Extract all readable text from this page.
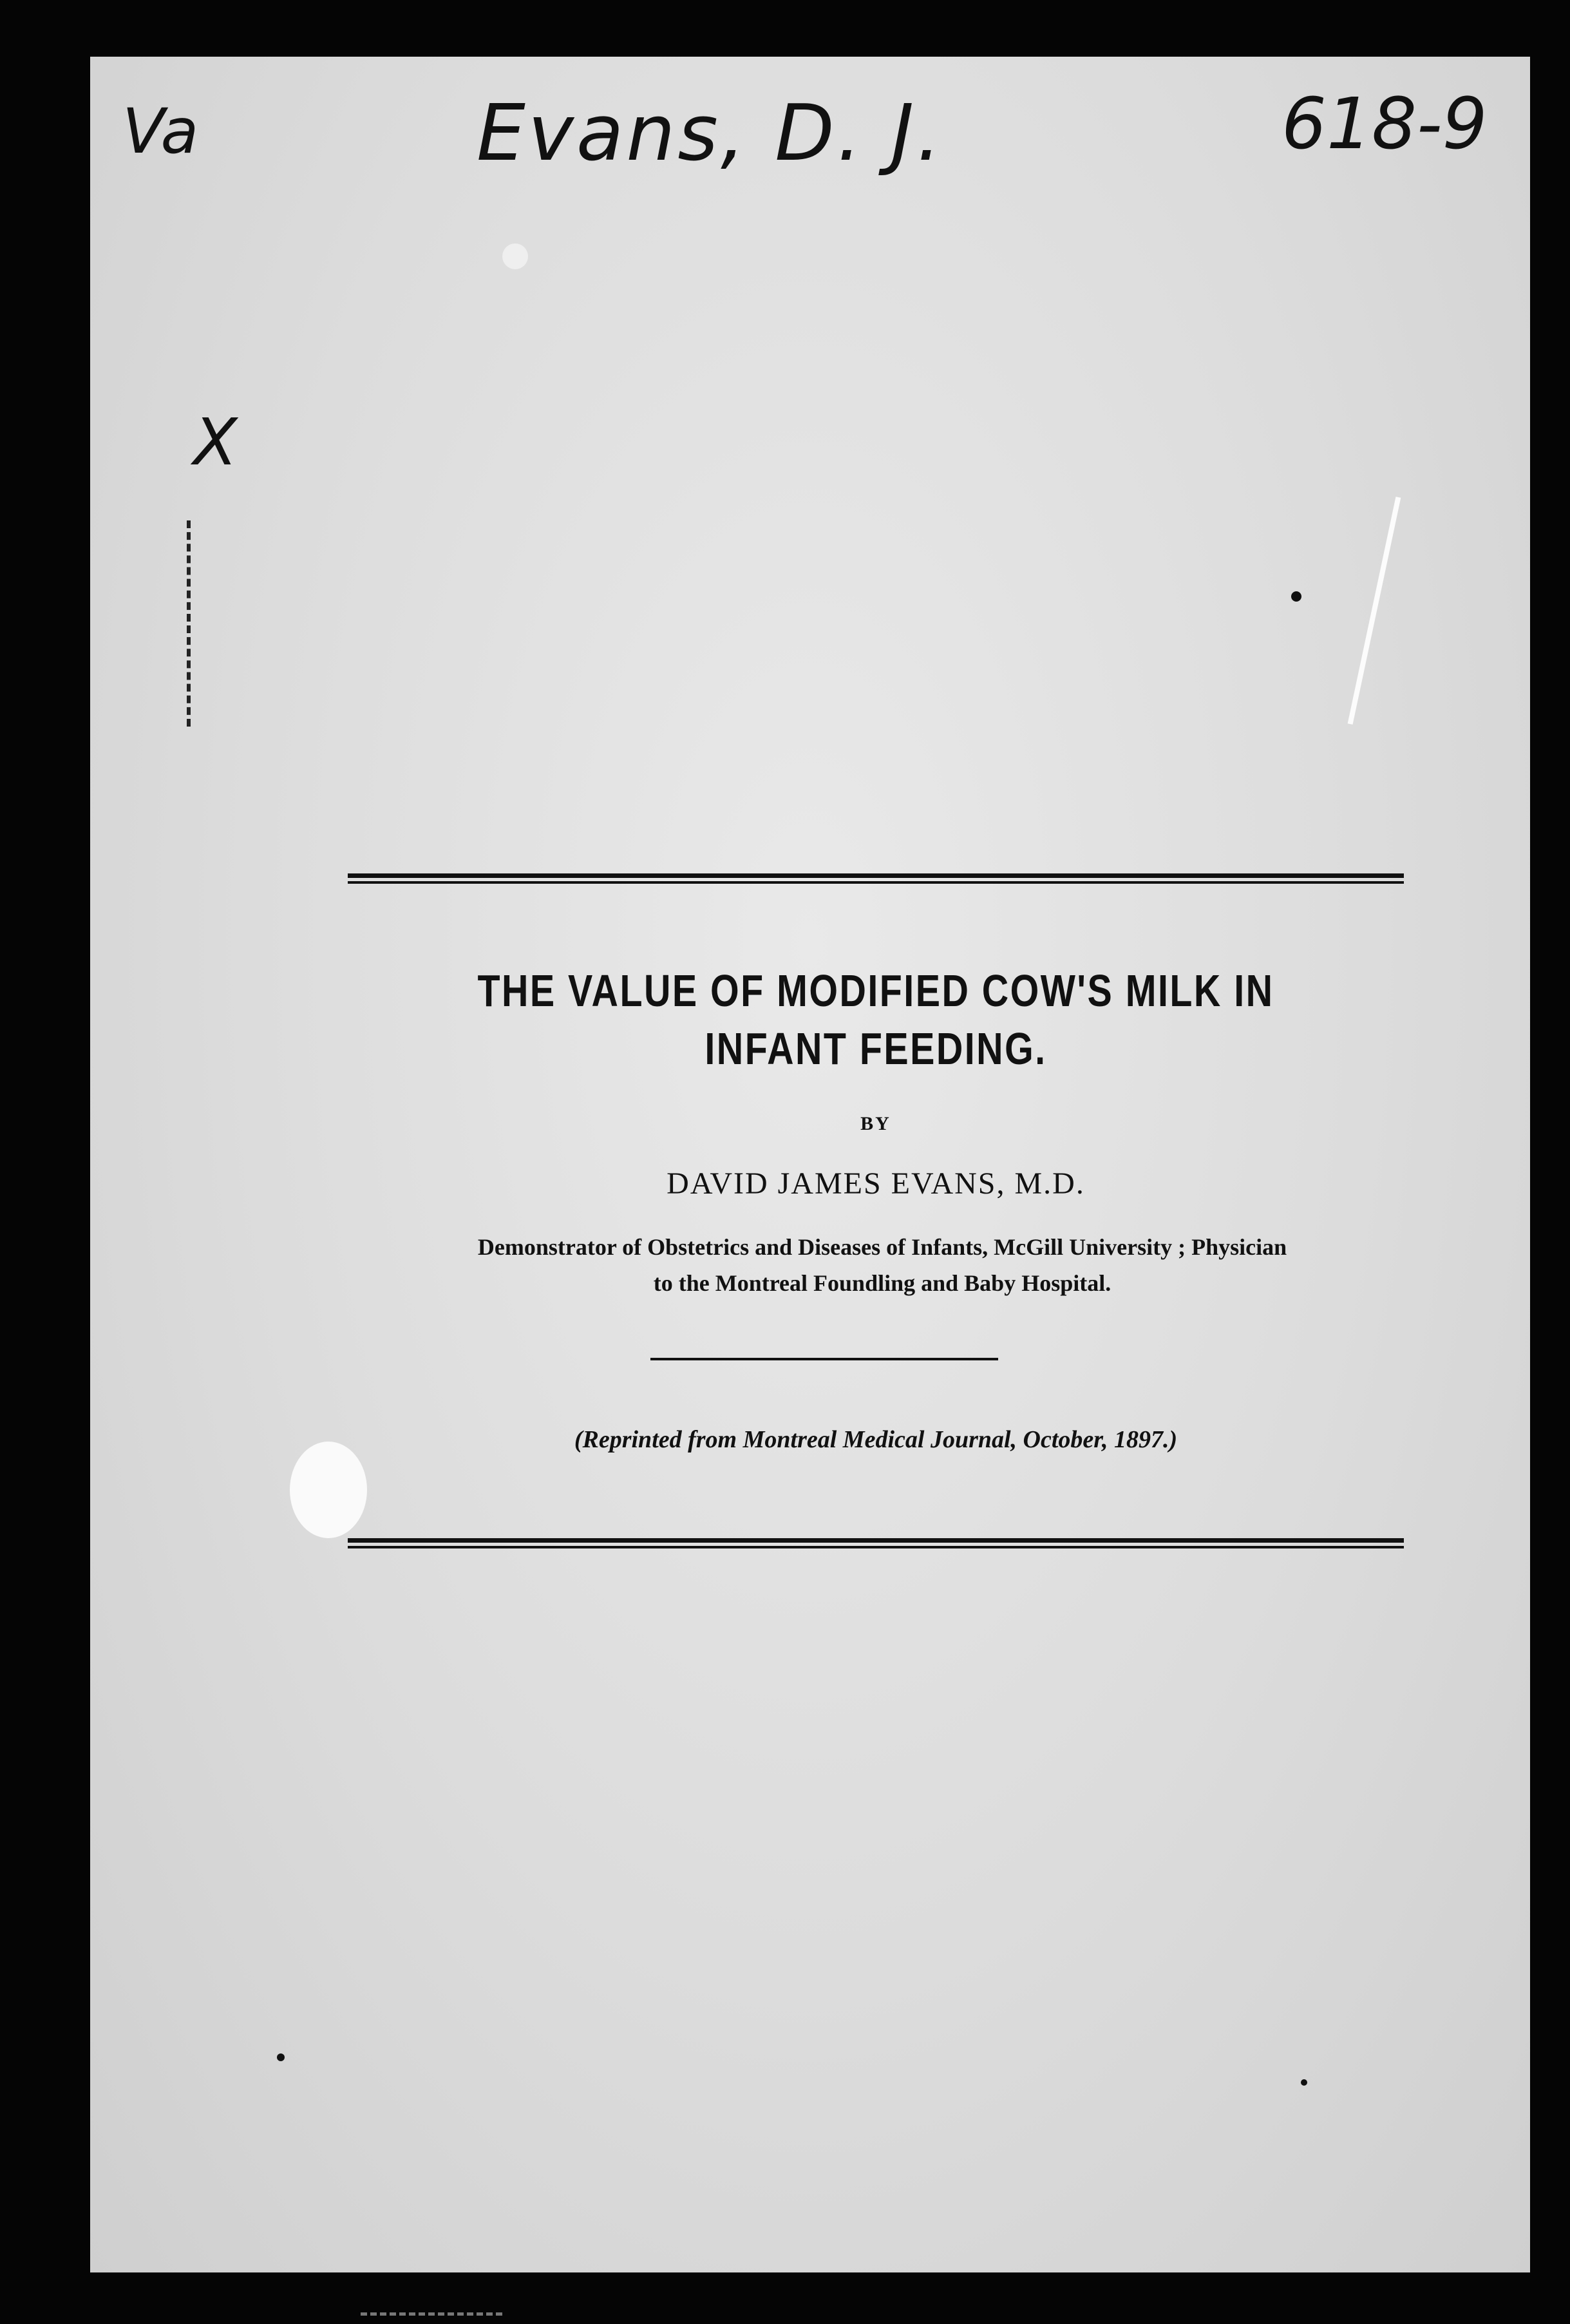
Va	Evans, D. J.	618-9
X
THE VALUE OF MODIFIED COW'S MILK IN
INFANT FEEDING.
BY
DAVID JAMES EVANS, M.D.
Demonstrator of Obstetrics and Diseases of Infants, McGill University ; Physician
to the Montreal Foundling and Baby Hospital.
(Reprinted from Montreal Medical Journal, October, 1897.)
